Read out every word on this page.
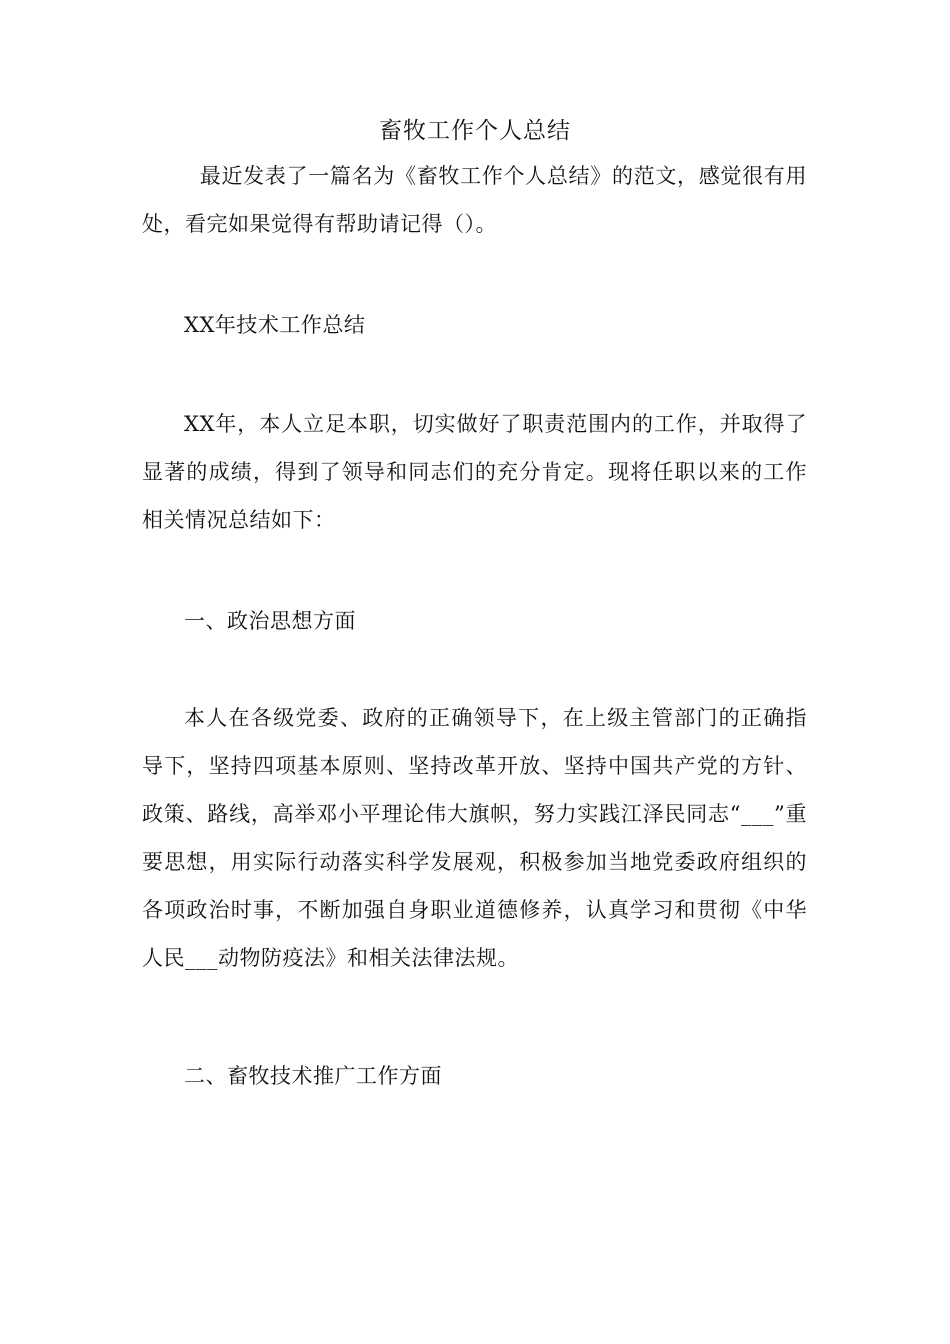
畜牧工作个人总结
最近发表了一篇名为《畜牧工作个人总结》的范文，感觉很有用处，看完如果觉得有帮助请记得（）。
XX年技术工作总结
XX年，本人立足本职，切实做好了职责范围内的工作，并取得了显著的成绩，得到了领导和同志们的充分肯定。现将任职以来的工作相关情况总结如下：
一、政治思想方面
本人在各级党委、政府的正确领导下，在上级主管部门的正确指导下，坚持四项基本原则、坚持改革开放、坚持中国共产党的方针、政策、路线，高举邓小平理论伟大旗帜，努力实践江泽民同志“___”重要思想，用实际行动落实科学发展观，积极参加当地党委政府组织的各项政治时事，不断加强自身职业道德修养，认真学习和贯彻《中华人民___动物防疫法》和相关法律法规。
二、畜牧技术推广工作方面
